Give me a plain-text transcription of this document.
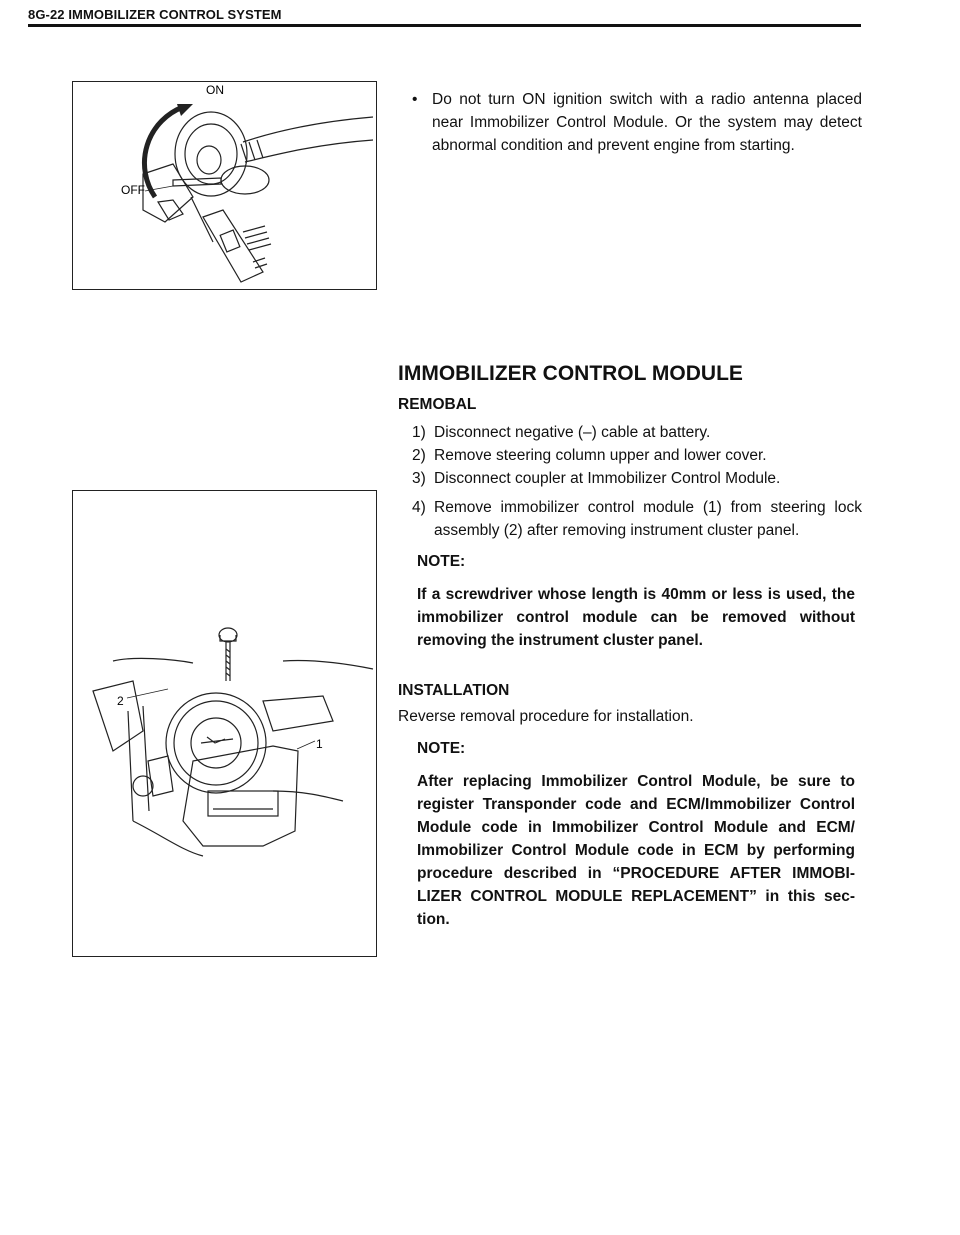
8G-22 IMMOBILIZER CONTROL SYSTEM
ON
OFF
• Do not turn ON ignition switch with a radio antenna placed near Immobilizer Control Module. Or the system may detect abnormal condition and prevent engine from starting.
IMMOBILIZER CONTROL MODULE
REMOBAL
1) Disconnect negative (–) cable at battery.
2) Remove steering column upper and lower cover.
3) Disconnect coupler at Immobilizer Control Module.
4) Remove immobilizer control module (1) from steering lock assembly (2) after removing instrument cluster panel.
NOTE:
If a screwdriver whose length is 40mm or less is used, the immobilizer control module can be removed without removing the instrument cluster panel.
2
1
INSTALLATION
Reverse removal procedure for installation.
NOTE:
After replacing Immobilizer Control Module, be sure to register Transponder code and ECM/Immobilizer Control Module code in Immobilizer Control Module and ECM/ Immobilizer Control Module code in ECM by performing procedure described in “PROCEDURE AFTER IMMOBI- LIZER CONTROL MODULE REPLACEMENT” in this sec- tion.
